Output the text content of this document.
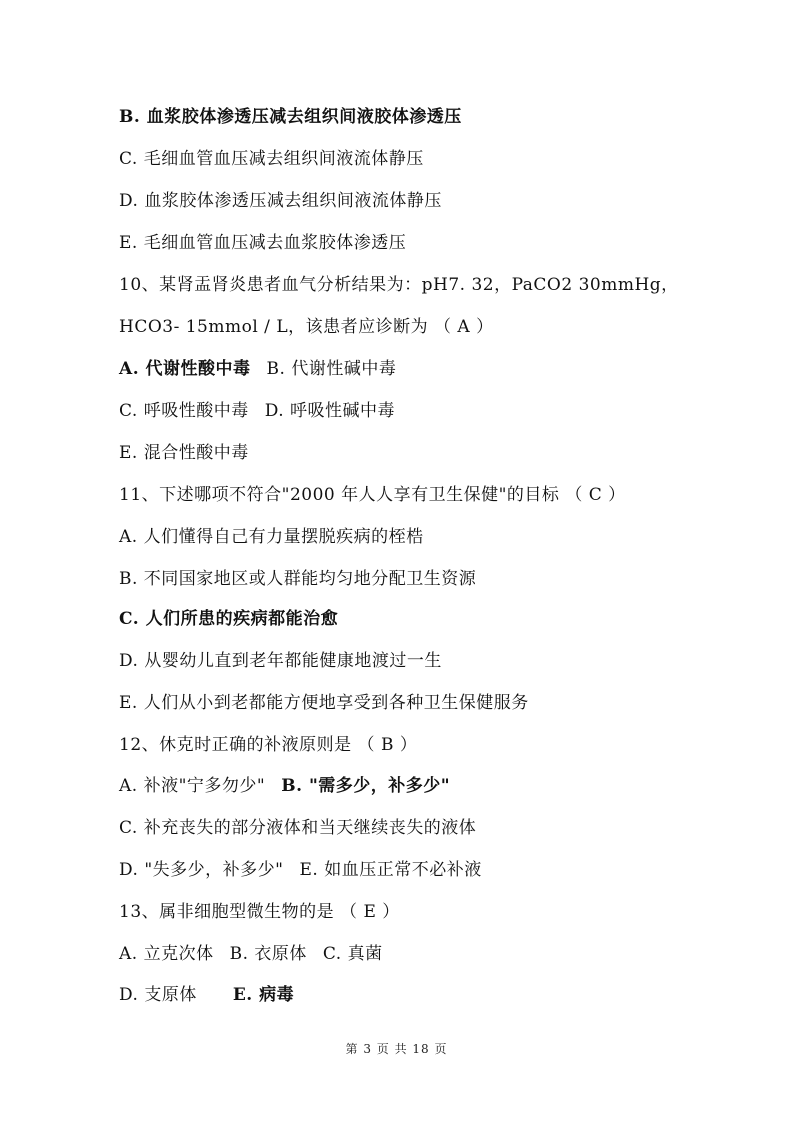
B. 血浆胶体渗透压减去组织间液胶体渗透压
C. 毛细血管血压减去组织间液流体静压
D. 血浆胶体渗透压减去组织间液流体静压
E. 毛细血管血压减去血浆胶体渗透压
10、某肾盂肾炎患者血气分析结果为：pH7. 32，PaCO2 30mmHg，
HCO3- 15mmol / L，该患者应诊断为 （ A ）
A. 代谢性酸中毒 B. 代谢性碱中毒
C. 呼吸性酸中毒 D. 呼吸性碱中毒
E. 混合性酸中毒
11、下述哪项不符合"2000 年人人享有卫生保健"的目标 （ C ）
A. 人们懂得自己有力量摆脱疾病的桎梏
B. 不同国家地区或人群能均匀地分配卫生资源
C. 人们所患的疾病都能治愈
D. 从婴幼儿直到老年都能健康地渡过一生
E. 人们从小到老都能方便地享受到各种卫生保健服务
12、休克时正确的补液原则是 （ B ）
A. 补液"宁多勿少" B. "需多少，补多少"
C. 补充丧失的部分液体和当天继续丧失的液体
D. "失多少，补多少" E. 如血压正常不必补液
13、属非细胞型微生物的是 （ E ）
A. 立克次体 B. 衣原体 C. 真菌
D. 支原体 E. 病毒
第 3 页 共 18 页
